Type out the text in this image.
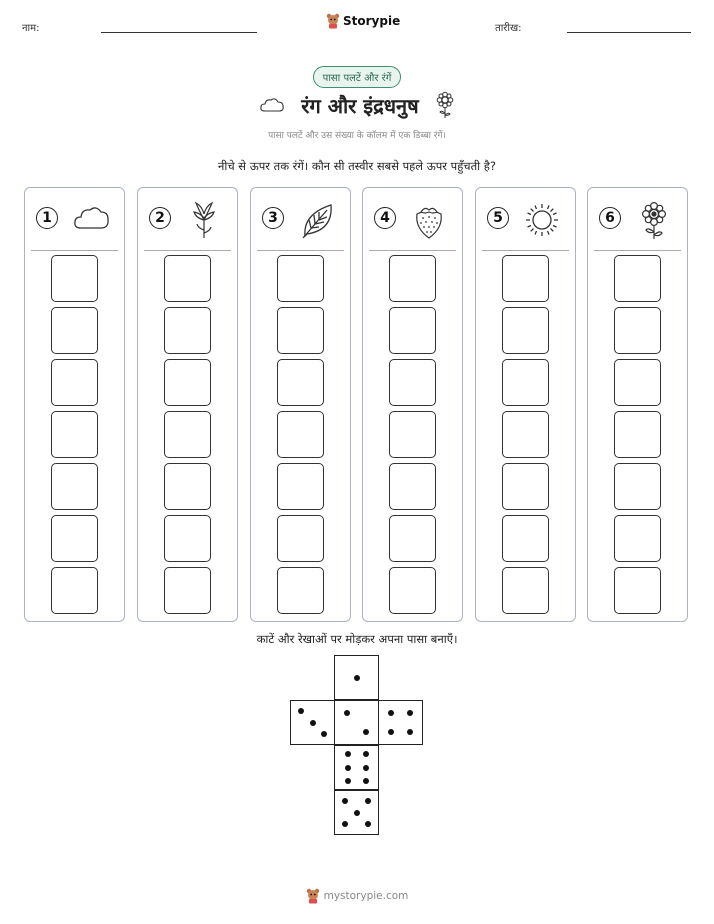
नाम:
Storypie
तारीख:
पासा पलटें और रंगें
रंग और इंद्रधनुष
पासा पलटें और उस संख्या के कॉलम में एक डिब्बा रंगें।
नीचे से ऊपर तक रंगें। कौन सी तस्वीर सबसे पहले ऊपर पहुँचती है?
1	2	3	4	5	6
काटें और रेखाओं पर मोड़कर अपना पासा बनाएँ।
mystorypie.com
